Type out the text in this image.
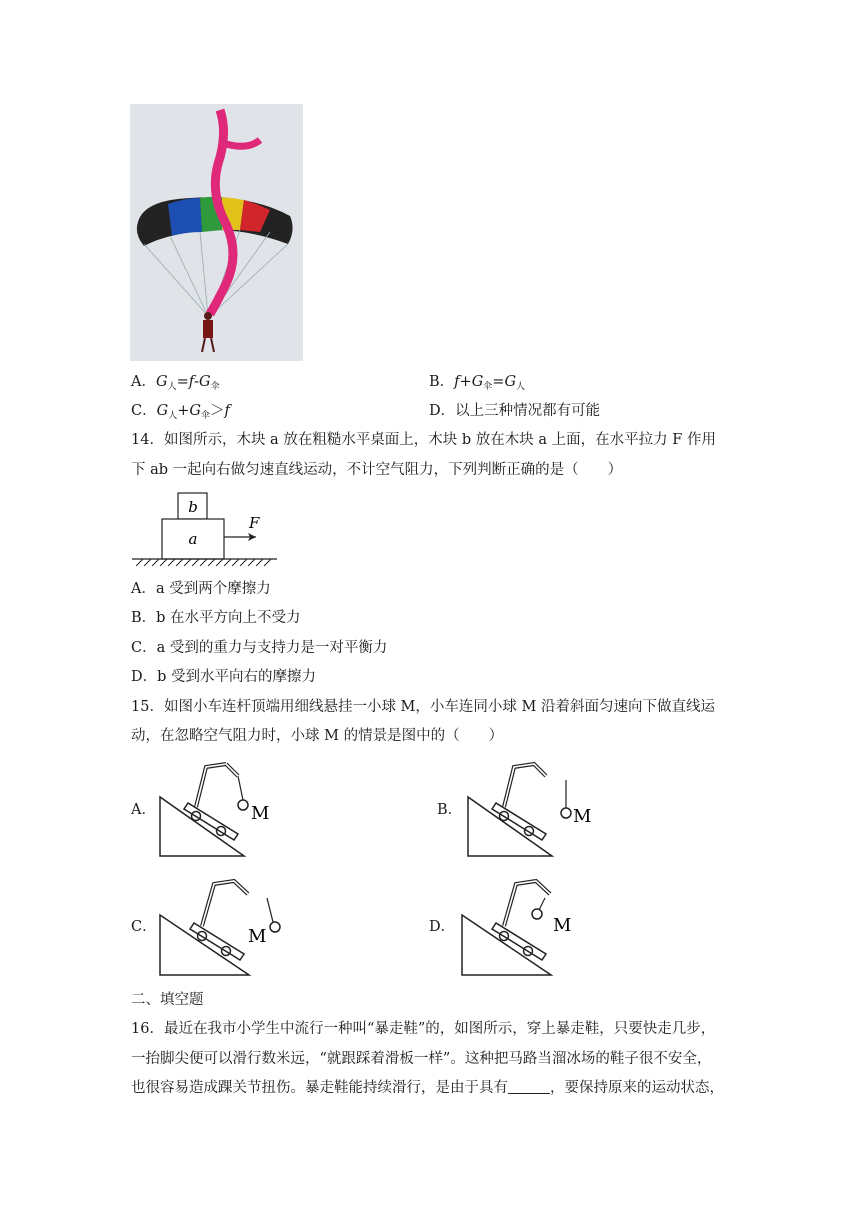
A．$G_人=f-G_伞$	B．$f+G_伞=G_人$
C．$G_人+G_伞>f$	D．以上三种情况都有可能
14．如图所示，木块 a 放在粗糙水平桌面上，木块 b 放在木块 a 上面，在水平拉力 F 作用
下 ab 一起向右做匀速直线运动，不计空气阻力，下列判断正确的是（　　）
b
a
F
A．a 受到两个摩擦力
B．b 在水平方向上不受力
C．a 受到的重力与支持力是一对平衡力
D．b 受到水平向右的摩擦力
15．如图小车连杆顶端用细线悬挂一小球 M，小车连同小球 M 沿着斜面匀速向下做直线运
动，在忽略空气阻力时，小球 M 的情景是图中的（　　）
A．	B．
C．	D．
M	M
M
M
二、填空题
16．最近在我市小学生中流行一种叫“暴走鞋”的，如图所示，穿上暴走鞋，只要快走几步，
一抬脚尖便可以滑行数米远，“就跟踩着滑板一样”。这种把马路当溜冰场的鞋子很不安全，
也很容易造成踝关节扭伤。暴走鞋能持续滑行，是由于具有	，要保持原来的运动状态，
